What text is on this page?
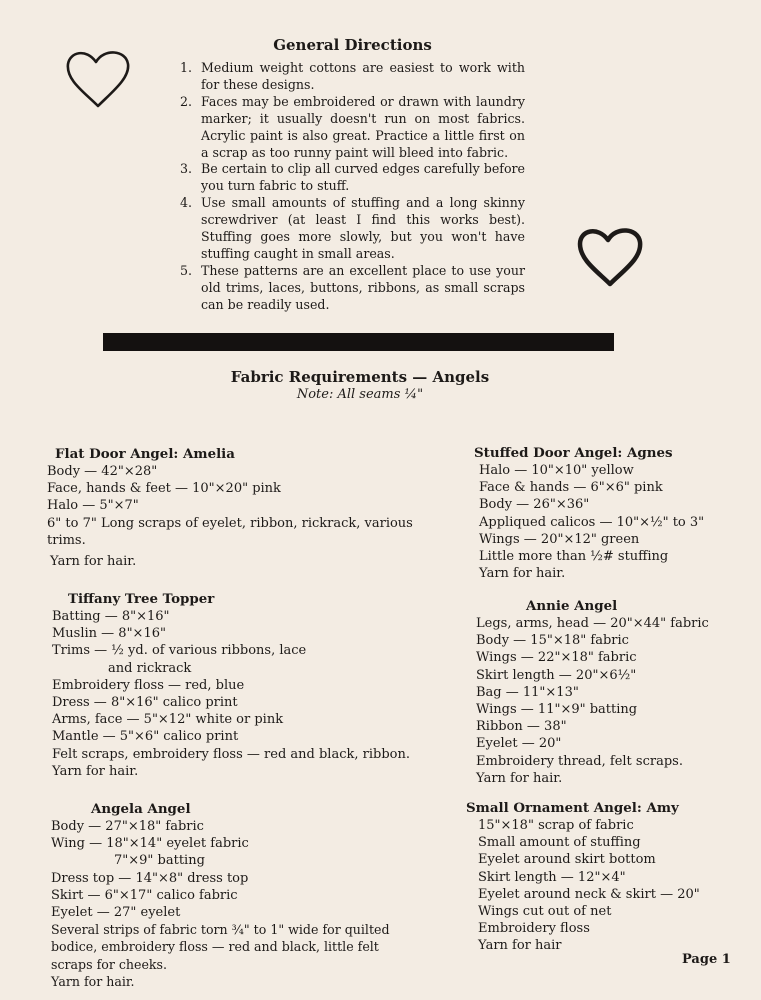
General Directions
1. Medium weight cottons are easiest to work with for these designs.
2. Faces may be embroidered or drawn with laundry marker; it usually doesn't run on most fabrics. Acrylic paint is also great. Practice a little first on a scrap as too runny paint will bleed into fabric.
3. Be certain to clip all curved edges carefully before you turn fabric to stuff.
4. Use small amounts of stuffing and a long skinny screwdriver (at least I find this works best). Stuffing goes more slowly, but you won't have stuffing caught in small areas.
5. These patterns are an excellent place to use your old trims, laces, buttons, ribbons, as small scraps can be readily used.
Fabric Requirements — Angels
Note: All seams ¼"
Flat Door Angel: Amelia
Body — 42"×28"
Face, hands & feet — 10"×20" pink
Halo — 5"×7"
6" to 7" Long scraps of eyelet, ribbon, rickrack, various
trims.
Yarn for hair.
Tiffany Tree Topper
Batting — 8"×16"
Muslin — 8"×16"
Trims — ½ yd. of various ribbons, lace
and rickrack
Embroidery floss — red, blue
Dress — 8"×16" calico print
Arms, face — 5"×12" white or pink
Mantle — 5"×6" calico print
Felt scraps, embroidery floss — red and black, ribbon.
Yarn for hair.
Angela Angel
Body — 27"×18" fabric
Wing — 18"×14" eyelet fabric
7"×9" batting
Dress top — 14"×8" dress top
Skirt — 6"×17" calico fabric
Eyelet — 27" eyelet
Several strips of fabric torn ¾" to 1" wide for quilted
bodice, embroidery floss — red and black, little felt
scraps for cheeks.
Yarn for hair.
Stuffed Door Angel: Agnes
Halo — 10"×10" yellow
Face & hands — 6"×6" pink
Body — 26"×36"
Appliqued calicos — 10"×½" to 3"
Wings — 20"×12" green
Little more than ½# stuffing
Yarn for hair.
Annie Angel
Legs, arms, head — 20"×44" fabric
Body — 15"×18" fabric
Wings — 22"×18" fabric
Skirt length — 20"×6½"
Bag — 11"×13"
Wings — 11"×9" batting
Ribbon — 38"
Eyelet — 20"
Embroidery thread, felt scraps.
Yarn for hair.
Small Ornament Angel: Amy
15"×18" scrap of fabric
Small amount of stuffing
Eyelet around skirt bottom
Skirt length — 12"×4"
Eyelet around neck & skirt — 20"
Wings cut out of net
Embroidery floss
Yarn for hair
Page 1
